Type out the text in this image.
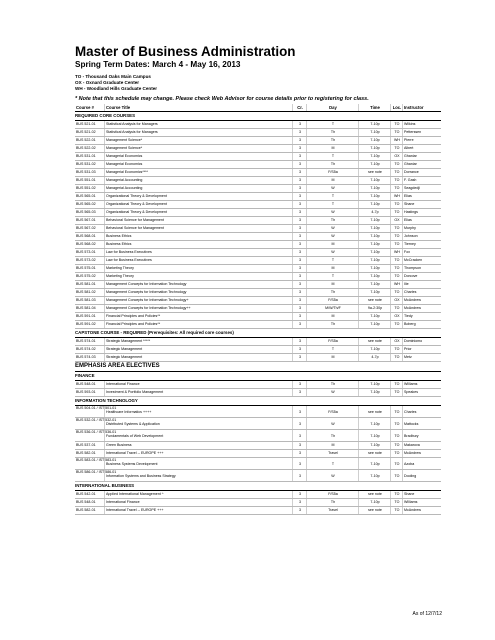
Master of Business Administration
Spring Term Dates: March 4 - May 16, 2013
TO - Thousand Oaks Main Campus
OX - Oxnard Graduate Center
WH - Woodland Hills Graduate Center
* Note that this schedule may change. Please check Web Advisor for course details prior to registering for class.
Course #	Course Title	Cr.	Day	Time	Loc. Instructor
REQUIRED CORE COURSES
BUS 521-01	Statistical Analysis for Managers	3	T	7-10p	TO	Wilkins
BUS 521-02	Statistical Analysis for Managers	3	Th	7-10p	TO	Petterssen
BUS 522-01	Management Science*	3	Th	7-10p	WH	Pierre
BUS 522-02	Management Science*	3	M	7-10p	TO	Albert
BUS 531-01	Managerial Economics	3	T	7-10p	OX	Ghaniar
BUS 531-02	Managerial Economics	3	Th	7-10p	TO	Ghaniar
BUS 531-03	Managerial Economics****	3	F/S5a	see note	TO	Dorrance
BUS 551-01	Managerial Accounting	3	M	7-10p	TO	F. Gash
BUS 551-02	Managerial Accounting	3	W	7-10p	TO	Seagdedji
BUS 565-01	Organizational Theory & Development	3	T	7-10p	WH	Elias
BUS 565-02	Organizational Theory & Development	3	T	7-10p	TO	Shane
BUS 565-03	Organizational Theory & Development	3	W	4-7p	TO	Hastings
BUS 567-01	Behavioral Science for Management	3	Th	7-10p	OX	Elias
BUS 567-02	Behavioral Science for Management	3	W	7-10p	TO	Murphy
BUS 568-01	Business Ethics	3	W	7-10p	TO	Johnson
BUS 568-02	Business Ethics	3	M	7-10p	TO	Tierney
BUS 573-01	Law for Business Executives	3	W	7-10p	WH	Fox
BUS 573-02	Law for Business Executives	3	T	7-10p	TO	McCracken
BUS 575-01	Marketing Theory	3	M	7-10p	TO	Thompson
BUS 575-02	Marketing Theory	3	T	7-10p	TO	Dorcove
BUS 581-01	Management Concepts for Information Technology	3	M	7-10p	WH	Ilie
BUS 581-02	Management Concepts for Information Technology	3	Th	7-10p	TO	Charles
BUS 581-03	Management Concepts for Information Technology+	3	F/S5a	see note	OX	McAndrew
BUS 581-04	Management Concepts for Information Technology++	3	M/W/Th/F	9a-2:30p	TO	McAndrew
BUS 591-01	Financial Principles and Policies**	3	M	7-10p	OX	Tiedy
BUS 591-02	Financial Principles and Policies**	3	Th	7-10p	TO	Boberg
CAPSTONE COURSE - REQUIRED (Prerequisites: All required core courses)
BUS 574-01	Strategic Management *****	3	F/S5a	see note	OX	Dominiomo
BUS 574-02	Strategic Management	3	T	7-10p	TO	Prior
BUS 574-03	Strategic Management	3	M	4-7p	TO	Metz
EMPHASIS AREA ELECTIVES
FINANCE
BUS 548-01	International Finance	3	Th	7-10p	TO	Williams
BUS 593-01	Investment & Portfolio Management	3	W	7-10p	TO	Speakes
INFORMATION TECHNOLOGY
BUS 504-01 / IST 501-01
Healthcare Informatics ++++	3	F/S5a	see note	TO	Charles
BUS 532-01 / IST 532-01
Distributed Systems & Application	3	W	7-10p	TO	Mattocks
BUS 536-01 / IST 536-01
Fundamentals of Web Development	3	Th	7-10p	TO	Bradbury
BUS 537-01	Green Business	3	M	7-10p	TO	Makarova
BUS 582-01	International Travel -- EUROPE +++	3	Travel	see note	TO	McAndrew
BUS 583-01 / IST 583-01
Business Systems Development	3	T	7-10p	TO	Azoba
BUS 586-01 / IST 586-01
Information Systems and Business Strategy	3	W	7-10p	TO	Dooling
INTERNATIONAL BUSINESS
BUS 542-01	Applied International Management ^	3	F/S5a	see note	TO	Shane
BUS 548-01	International Finance	3	Th	7-10p	TO	Williams
BUS 582-01	International Travel -- EUROPE +++	3	Travel	see note	TO	McAndrew
As of 12/7/12
